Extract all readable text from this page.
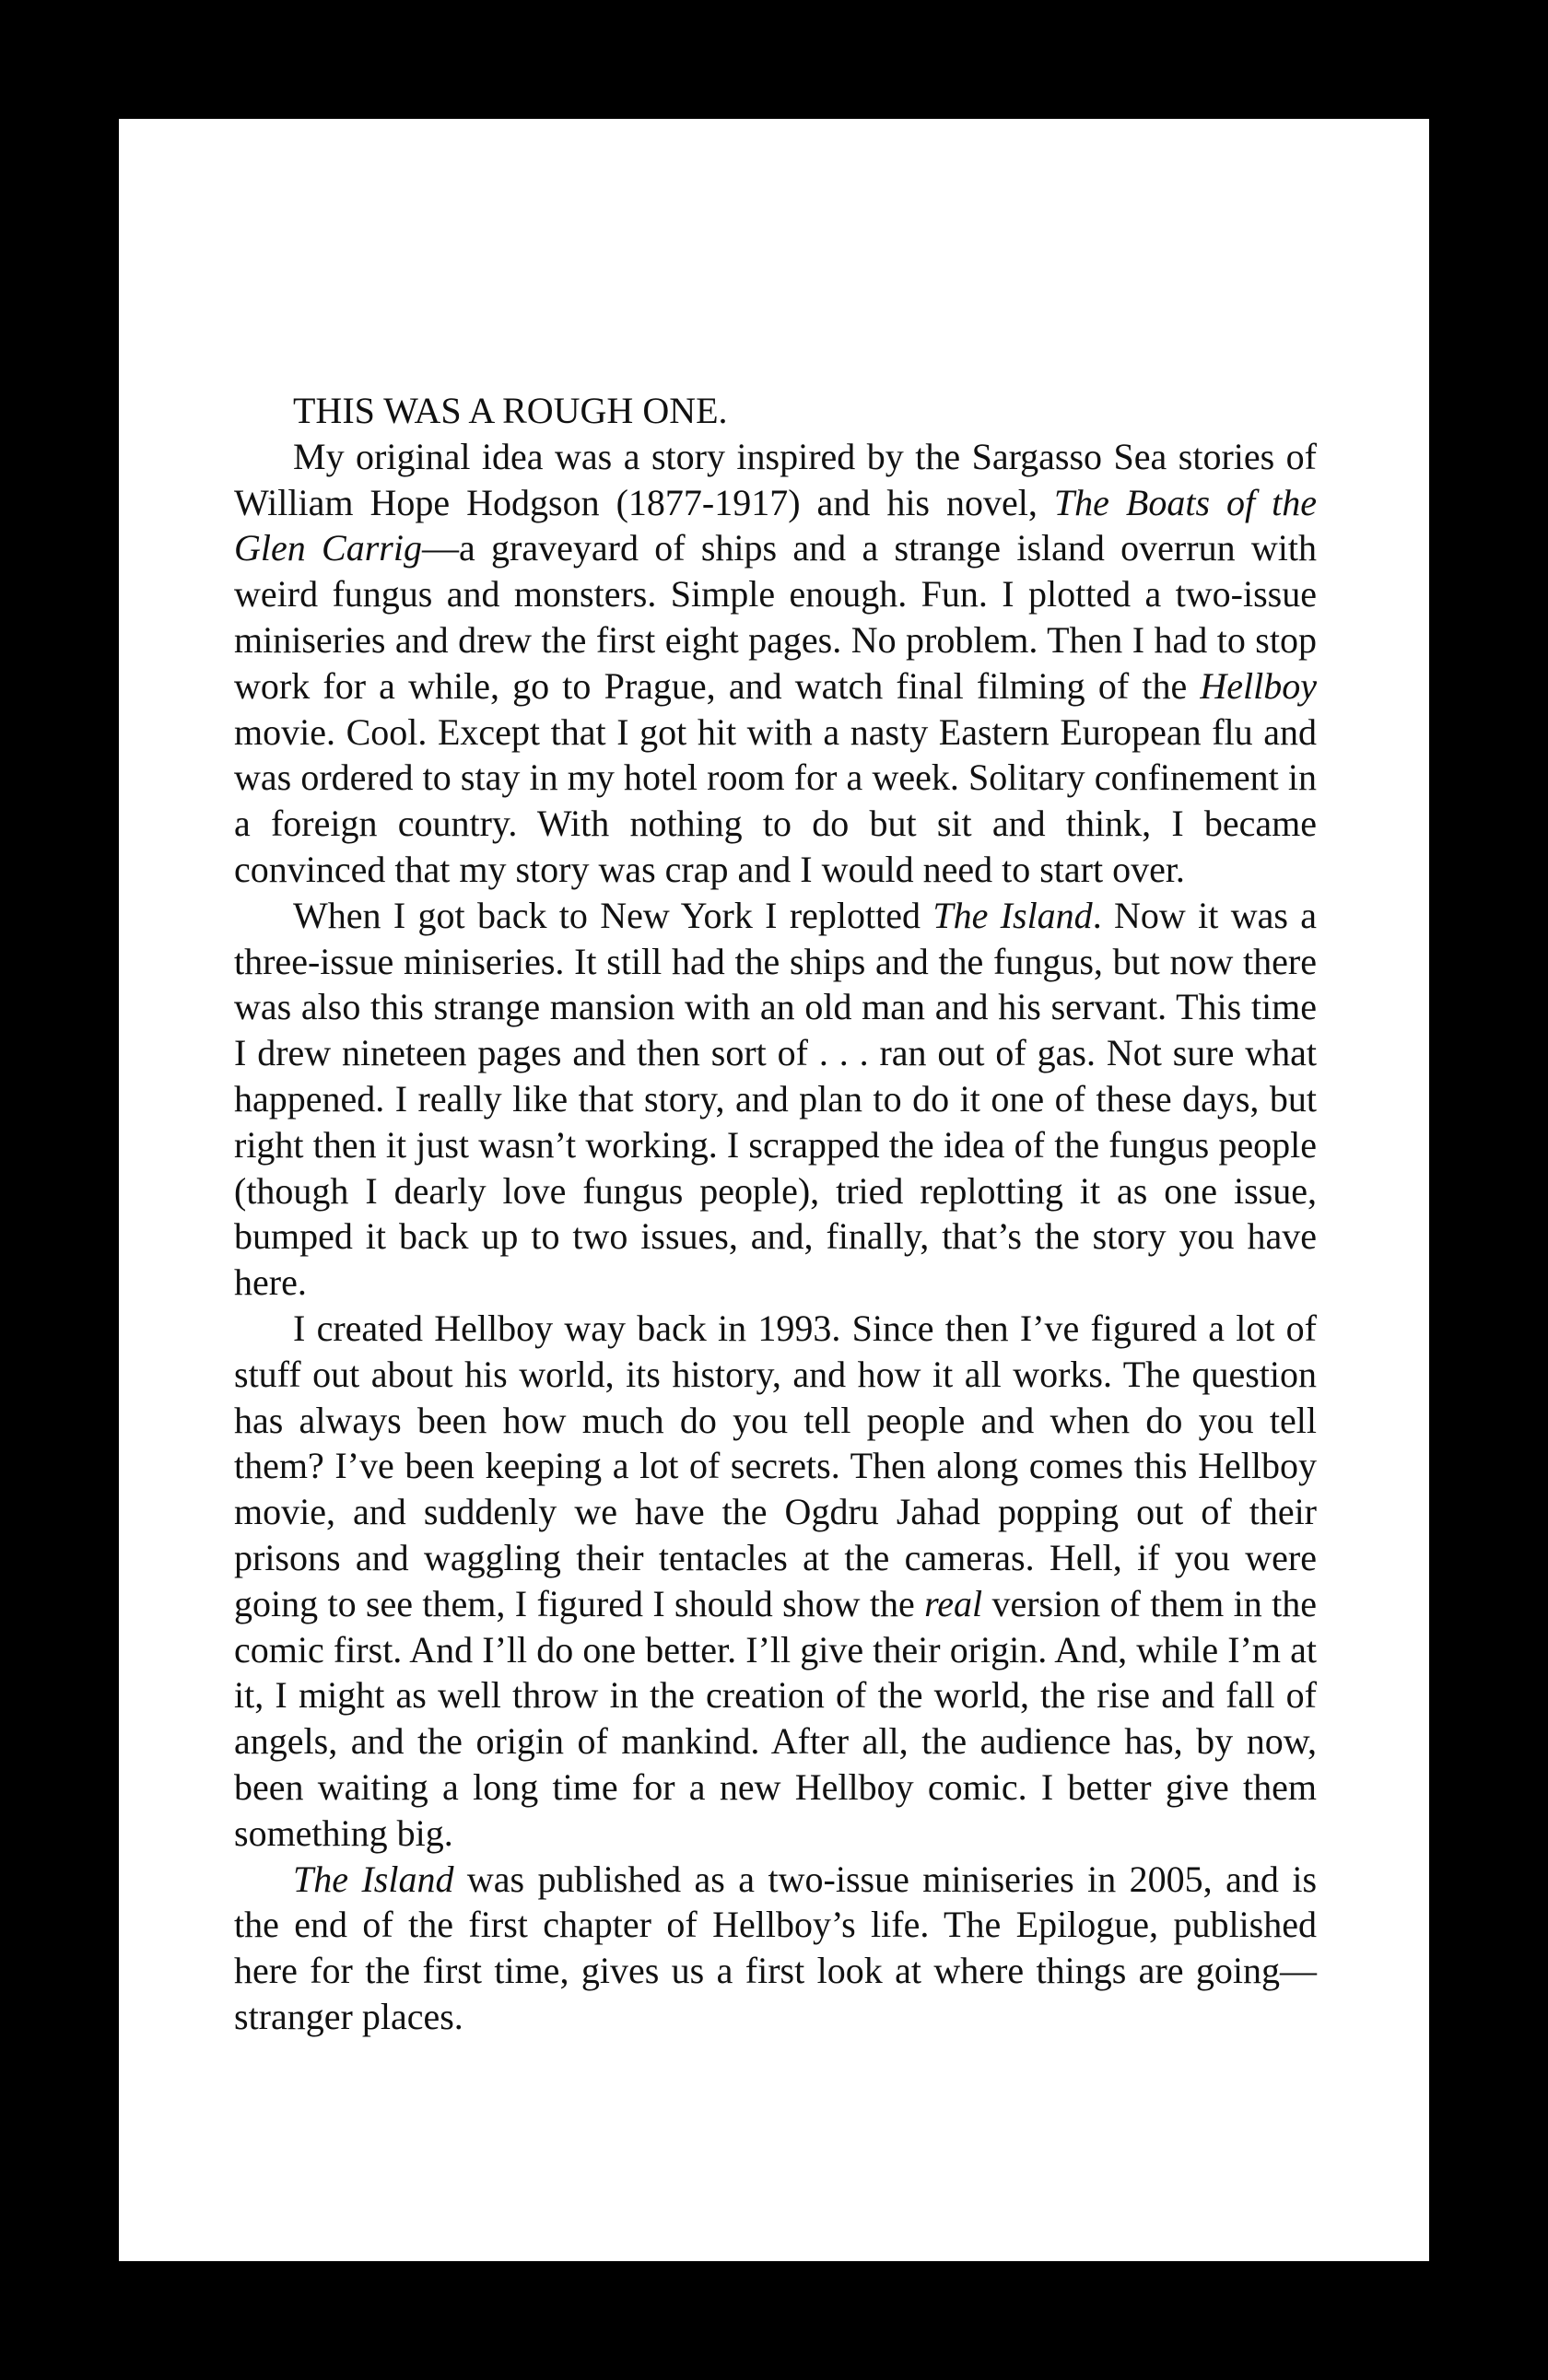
THIS WAS A ROUGH ONE.

My original idea was a story inspired by the Sargasso Sea stories of William Hope Hodgson (1877-1917) and his novel, The Boats of the Glen Carrig—a graveyard of ships and a strange island overrun with weird fungus and monsters. Simple enough. Fun. I plotted a two-issue miniseries and drew the first eight pages. No problem. Then I had to stop work for a while, go to Prague, and watch final filming of the Hellboy movie. Cool. Except that I got hit with a nasty Eastern European flu and was ordered to stay in my hotel room for a week. Solitary confinement in a foreign country. With nothing to do but sit and think, I became convinced that my story was crap and I would need to start over.

When I got back to New York I replotted The Island. Now it was a three-issue miniseries. It still had the ships and the fungus, but now there was also this strange mansion with an old man and his servant. This time I drew nineteen pages and then sort of . . . ran out of gas. Not sure what happened. I really like that story, and plan to do it one of these days, but right then it just wasn’t working. I scrapped the idea of the fungus people (though I dearly love fungus people), tried replotting it as one issue, bumped it back up to two issues, and, finally, that’s the story you have here.

I created Hellboy way back in 1993. Since then I’ve figured a lot of stuff out about his world, its history, and how it all works. The question has always been how much do you tell people and when do you tell them? I’ve been keeping a lot of secrets. Then along comes this Hellboy movie, and suddenly we have the Ogdru Jahad popping out of their prisons and waggling their tentacles at the cameras. Hell, if you were going to see them, I figured I should show the real version of them in the comic first. And I’ll do one better. I’ll give their origin. And, while I’m at it, I might as well throw in the creation of the world, the rise and fall of angels, and the origin of mankind. After all, the audience has, by now, been waiting a long time for a new Hellboy comic. I better give them something big.

The Island was published as a two-issue miniseries in 2005, and is the end of the first chapter of Hellboy’s life. The Epilogue, published here for the first time, gives us a first look at where things are going—stranger places.
